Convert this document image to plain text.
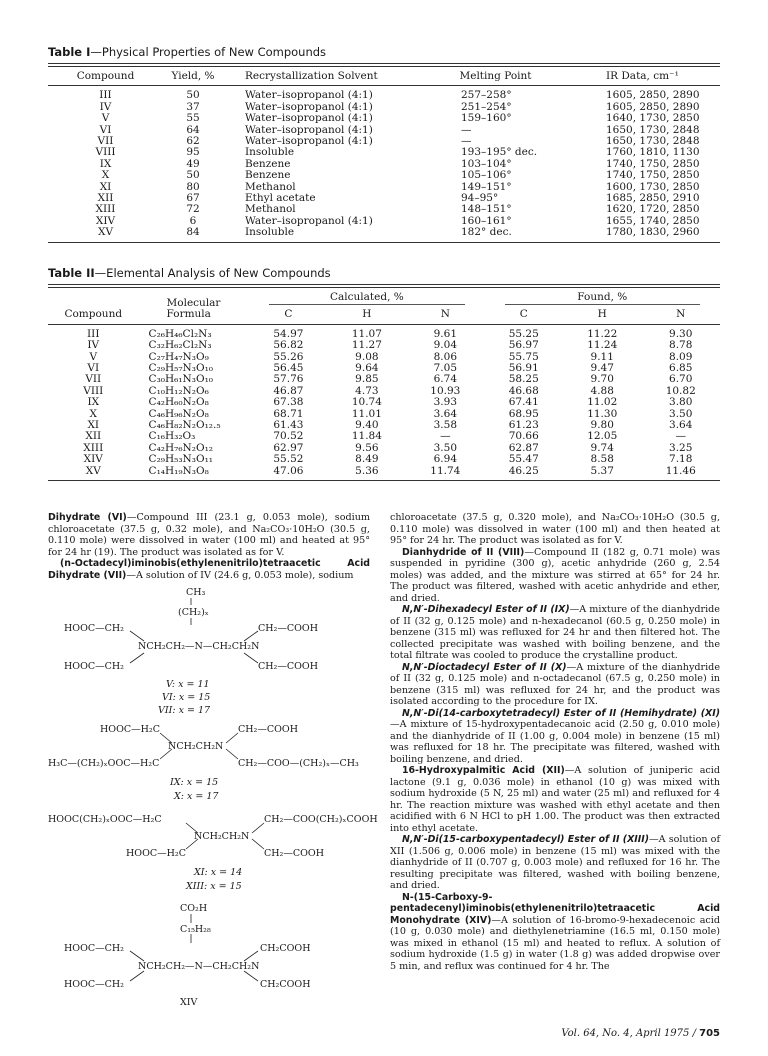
Table I—Physical Properties of New Compounds
Compound	Yield, %	Recrystallization Solvent	Melting Point	IR Data, cm⁻¹
III	50	Water–isopropanol (4:1)	257–258°	1605, 2850, 2890
IV	37	Water–isopropanol (4:1)	251–254°	1605, 2850, 2890
V	55	Water–isopropanol (4:1)	159–160°	1640, 1730, 2850
VI	64	Water–isopropanol (4:1)	—	1650, 1730, 2848
VII	62	Water–isopropanol (4:1)	—	1650, 1730, 2848
VIII	95	Insoluble	193–195° dec.	1760, 1810, 1130
IX	49	Benzene	103–104°	1740, 1750, 2850
X	50	Benzene	105–106°	1740, 1750, 2850
XI	80	Methanol	149–151°	1600, 1730, 2850
XII	67	Ethyl acetate	94–95°	1685, 2850, 2910
XIII	72	Methanol	148–151°	1620, 1720, 2850
XIV	6	Water–isopropanol (4:1)	160–161°	1655, 1740, 2850
XV	84	Insoluble	182° dec.	1780, 1830, 2960
Table II—Elemental Analysis of New Compounds
Compound	Molecular Formula	Calculated, %			Found, %		

		C	H	N	C	H	N
III	C₂₆H₄₆Cl₂N₃	54.97	11.07	9.61	55.25	11.22	9.30
IV	C₃₂H₆₂Cl₂N₃	56.82	11.27	9.04	56.97	11.24	8.78
V	C₂₇H₄₇N₃O₉	55.26	9.08	8.06	55.75	9.11	8.09
VI	C₂₉H₅₇N₃O₁₀	56.45	9.64	7.05	56.91	9.47	6.85
VII	C₃₀H₆₁N₃O₁₀	57.76	9.85	6.74	58.25	9.70	6.70
VIII	C₁₀H₁₂N₂O₆	46.87	4.73	10.93	46.68	4.88	10.82
IX	C₄₂H₆₀N₂O₈	67.38	10.74	3.93	67.41	11.02	3.80
X	C₄₆H₉₆N₂O₈	68.71	11.01	3.64	68.95	11.30	3.50
XI	C₄₆H₈₂N₂O₁₂.₅	61.43	9.40	3.58	61.23	9.80	3.64
XII	C₁₆H₃₂O₃	70.52	11.84	—	70.66	12.05	—
XIII	C₄₂H₇₆N₂O₁₂	62.97	9.56	3.50	62.87	9.74	3.25
XIV	C₂₉H₅₃N₃O₁₁	55.52	8.49	6.94	55.47	8.58	7.18
XV	C₁₄H₁₉N₃O₈	47.06	5.36	11.74	46.25	5.37	11.46

Dihydrate (VI)—Compound III (23.1 g, 0.053 mole), sodium chloroacetate (37.5 g, 0.32 mole), and Na₂CO₃·10H₂O (30.5 g, 0.110 mole) were dissolved in water (100 ml) and heated at 95° for 24 hr (19). The product was isolated as for V.

(n-Octadecyl)iminobis(ethylenenitrilo)tetraacetic Acid Dihydrate (VII)—A solution of IV (24.6 g, 0.053 mole), sodium

CH₃
(CH₂)ₓ
HOOC—CH₂	CH₂—COOH
NCH₂CH₂—N—CH₂CH₂N
HOOC—CH₂	CH₂—COOH
V: x = 11
VI: x = 15
VII: x = 17
HOOC—H₂C	CH₂—COOH
NCH₂CH₂N
H₃C—(CH₂)ₓOOC—H₂C	CH₂—COO—(CH₂)ₓ—CH₃
IX: x = 15
X: x = 17
HOOC(CH₂)ₓOOC—H₂C	CH₂—COO(CH₂)ₓCOOH
NCH₂CH₂N
HOOC—H₂C	CH₂—COOH
XI: x = 14
XIII: x = 15
CO₂H
C₁₅H₂₈
HOOC—CH₂	CH₂COOH
NCH₂CH₂—N—CH₂CH₂N
HOOC—CH₂	CH₂COOH
XIV

chloroacetate (37.5 g, 0.320 mole), and Na₂CO₃·10H₂O (30.5 g, 0.110 mole) was dissolved in water (100 ml) and then heated at 95° for 24 hr. The product was isolated as for V.

Dianhydride of II (VIII)—Compound II (182 g, 0.71 mole) was suspended in pyridine (300 g), acetic anhydride (260 g, 2.54 moles) was added, and the mixture was stirred at 65° for 24 hr. The product was filtered, washed with acetic anhydride and ether, and dried.

N,N′-Dihexadecyl Ester of II (IX)—A mixture of the dianhydride of II (32 g, 0.125 mole) and n-hexadecanol (60.5 g, 0.250 mole) in benzene (315 ml) was refluxed for 24 hr and then filtered hot. The collected precipitate was washed with boiling benzene, and the total filtrate was cooled to produce the crystalline product.

N,N′-Dioctadecyl Ester of II (X)—A mixture of the dianhydride of II (32 g, 0.125 mole) and n-octadecanol (67.5 g, 0.250 mole) in benzene (315 ml) was refluxed for 24 hr, and the product was isolated according to the procedure for IX.

N,N′-Di(14-carboxytetradecyl) Ester of II (Hemihydrate) (XI)—A mixture of 15-hydroxypentadecanoic acid (2.50 g, 0.010 mole) and the dianhydride of II (1.00 g, 0.004 mole) in benzene (15 ml) was refluxed for 18 hr. The precipitate was filtered, washed with boiling benzene, and dried.

16-Hydroxypalmitic Acid (XII)—A solution of juniperic acid lactone (9.1 g, 0.036 mole) in ethanol (10 g) was mixed with sodium hydroxide (5 N, 25 ml) and water (25 ml) and refluxed for 4 hr. The reaction mixture was washed with ethyl acetate and then acidified with 6 N HCl to pH 1.00. The product was then extracted into ethyl acetate.

N,N′-Di(15-carboxypentadecyl) Ester of II (XIII)—A solution of XII (1.506 g, 0.006 mole) in benzene (15 ml) was mixed with the dianhydride of II (0.707 g, 0.003 mole) and refluxed for 16 hr. The resulting precipitate was filtered, washed with boiling benzene, and dried.

N-(15-Carboxy-9-pentadecenyl)iminobis(ethylenenitrilo)tetraacetic Acid Monohydrate (XIV)—A solution of 16-bromo-9-hexadecenoic acid (10 g, 0.030 mole) and diethylenetriamine (16.5 ml, 0.150 mole) was mixed in ethanol (15 ml) and heated to reflux. A solution of sodium hydroxide (1.5 g) in water (1.8 g) was added dropwise over 5 min, and reflux was continued for 4 hr. The

Vol. 64, No. 4, April 1975 / 705
